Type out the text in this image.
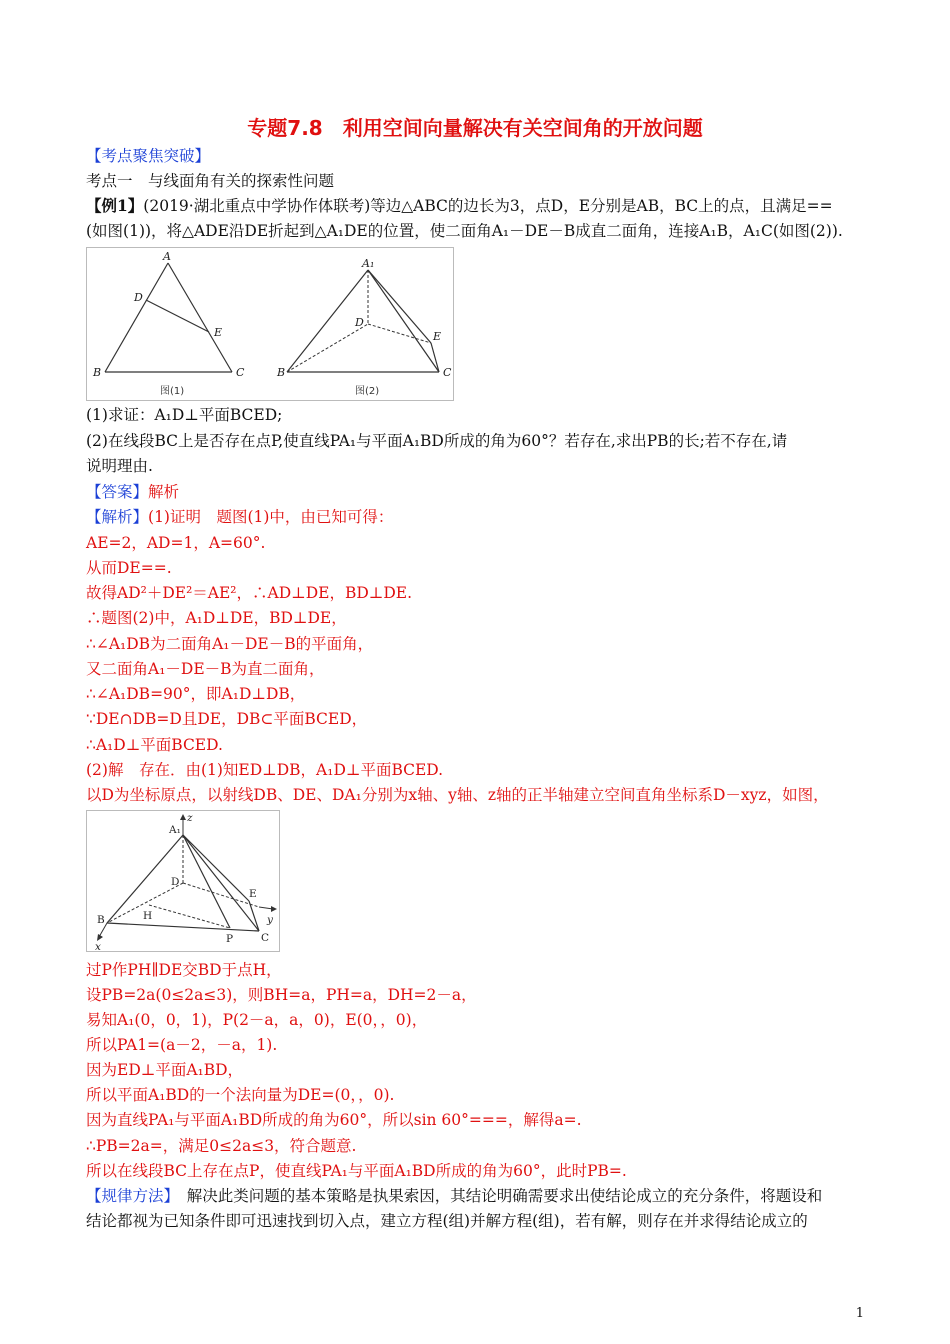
专题7.8　利用空间向量解决有关空间角的开放问题
【考点聚焦突破】
考点一　与线面角有关的探索性问题
【例1】(2019·湖北重点中学协作体联考)等边△ABC的边长为3，点D，E分别是AB，BC上的点，且满足==
(如图(1))，将△ADE沿DE折起到△A₁DE的位置，使二面角A₁－DE－B成直二面角，连接A₁B，A₁C(如图(2)).
A
D
E
B	C
图(1)
A₁
D
E
B	C
图(2)
(1)求证：A₁D⊥平面BCED;
(2)在线段BC上是否存在点P,使直线PA₁与平面A₁BD所成的角为60°？若存在,求出PB的长;若不存在,请
说明理由.
【答案】解析
【解析】(1)证明　题图(1)中，由已知可得：
AE=2，AD=1，A=60°.
从而DE==.
故得AD²＋DE²＝AE²，∴AD⊥DE，BD⊥DE.
∴题图(2)中，A₁D⊥DE，BD⊥DE，
∴∠A₁DB为二面角A₁－DE－B的平面角，
又二面角A₁－DE－B为直二面角，
∴∠A₁DB=90°，即A₁D⊥DB，
∵DE∩DB=D且DE，DB⊂平面BCED，
∴A₁D⊥平面BCED.
(2)解　存在．由(1)知ED⊥DB，A₁D⊥平面BCED.
以D为坐标原点，以射线DB、DE、DA₁分别为x轴、y轴、z轴的正半轴建立空间直角坐标系D－xyz，如图，
A₁
z
D
E
y
H
B
P	C
x
过P作PH∥DE交BD于点H，
设PB=2a(0≤2a≤3)，则BH=a，PH=a，DH=2－a，
易知A₁(0，0，1)，P(2－a，a，0)，E(0，，0)，
所以PA1=(a－2，－a，1).
因为ED⊥平面A₁BD，
所以平面A₁BD的一个法向量为DE=(0，，0).
因为直线PA₁与平面A₁BD所成的角为60°，所以sin 60°===，解得a=.
∴PB=2a=，满足0≤2a≤3，符合题意.
所以在线段BC上存在点P，使直线PA₁与平面A₁BD所成的角为60°，此时PB=.
【规律方法】　解决此类问题的基本策略是执果索因，其结论明确需要求出使结论成立的充分条件，将题设和
结论都视为已知条件即可迅速找到切入点，建立方程(组)并解方程(组)，若有解，则存在并求得结论成立的
1
